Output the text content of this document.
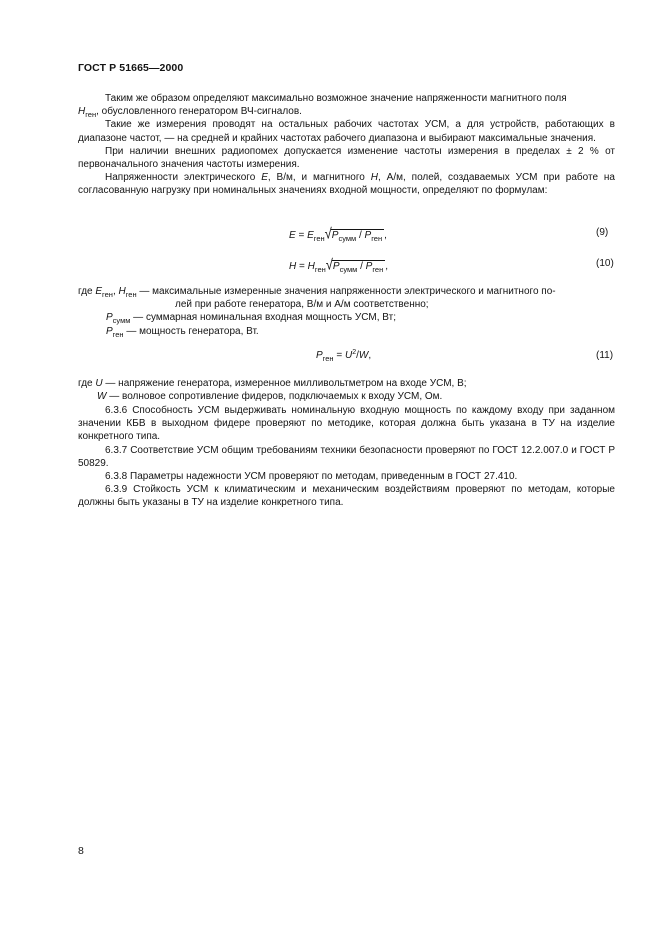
ГОСТ Р 51665—2000

Таким же образом определяют максимально возможное значение напряженности магнитного поля
$H_{ген}$, обусловленного генератором ВЧ-сигналов.

Такие же измерения проводят на остальных рабочих частотах УСМ, а для устройств, работающих в диапазоне частот, — на средней и крайних частотах рабочего диапазона и выбирают максимальные значения.

При наличии внешних радиопомех допускается изменение частоты измерения в пределах ± 2 % от первоначального значения частоты измерения.

Напряженности электрического E, В/м, и магнитного H, А/м, полей, создаваемых УСМ при работе на согласованную нагрузку при номинальных значениях входной мощности, определяют по формулам:

$E = E_{ген}√P_{сумм} / P_{ген}$ ,	(9)
$H = H_{ген}√P_{сумм} / P_{ген}$ ,	(10)
где $E_{ген}$, $H_{ген}$ — максимальные измеренные значения напряженности электрического и магнитного по-
лей при работе генератора, В/м и А/м соответственно;
$P_{сумм}$ — суммарная номинальная входная мощность УСМ, Вт;
$P_{ген}$ — мощность генератора, Вт.
$P_{ген} = U^2/W$,	(11)
где U — напряжение генератора, измеренное милливольтметром на входе УСМ, В;
W — волновое сопротивление фидеров, подключаемых к входу УСМ, Ом.

6.3.6 Способность УСМ выдерживать номинальную входную мощность по каждому входу при заданном значении КБВ в выходном фидере проверяют по методике, которая должна быть указана в ТУ на изделие конкретного типа.

6.3.7 Соответствие УСМ общим требованиям техники безопасности проверяют по ГОСТ 12.2.007.0 и ГОСТ Р 50829.

6.3.8 Параметры надежности УСМ проверяют по методам, приведенным в ГОСТ 27.410.

6.3.9 Стойкость УСМ к климатическим и механическим воздействиям проверяют по методам, которые должны быть указаны в ТУ на изделие конкретного типа.

8
